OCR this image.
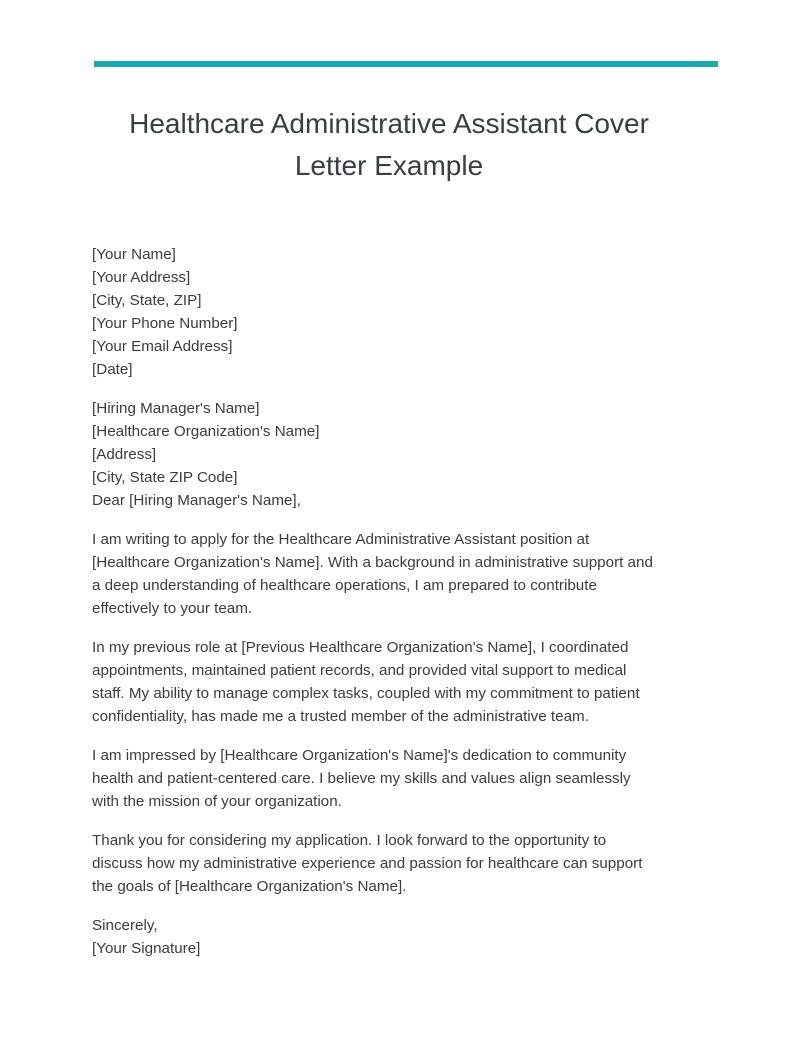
Healthcare Administrative Assistant Cover
Letter Example
[Your Name]
[Your Address]
[City, State, ZIP]
[Your Phone Number]
[Your Email Address]
[Date]
[Hiring Manager's Name]
[Healthcare Organization's Name]
[Address]
[City, State ZIP Code]
Dear [Hiring Manager's Name],

I am writing to apply for the Healthcare Administrative Assistant position at
[Healthcare Organization's Name]. With a background in administrative support and
a deep understanding of healthcare operations, I am prepared to contribute
effectively to your team.

In my previous role at [Previous Healthcare Organization's Name], I coordinated
appointments, maintained patient records, and provided vital support to medical
staff. My ability to manage complex tasks, coupled with my commitment to patient
confidentiality, has made me a trusted member of the administrative team.

I am impressed by [Healthcare Organization's Name]'s dedication to community
health and patient-centered care. I believe my skills and values align seamlessly
with the mission of your organization.

Thank you for considering my application. I look forward to the opportunity to
discuss how my administrative experience and passion for healthcare can support
the goals of [Healthcare Organization's Name].

Sincerely,
[Your Signature]
